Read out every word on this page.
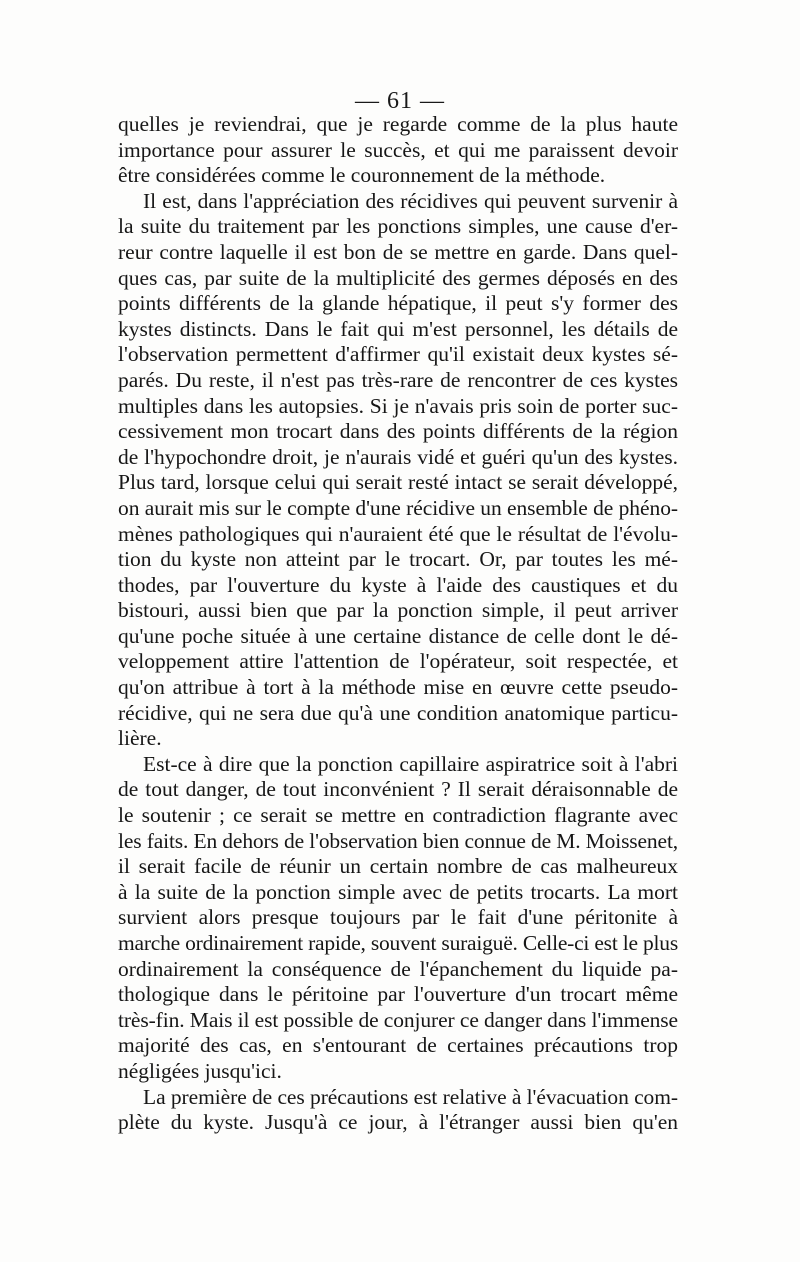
— 61 —
quelles je reviendrai, que je regarde comme de la plus haute
importance pour assurer le succès, et qui me paraissent devoir
être considérées comme le couronnement de la méthode.
Il est, dans l'appréciation des récidives qui peuvent survenir à
la suite du traitement par les ponctions simples, une cause d'er-
reur contre laquelle il est bon de se mettre en garde. Dans quel-
ques cas, par suite de la multiplicité des germes déposés en des
points différents de la glande hépatique, il peut s'y former des
kystes distincts. Dans le fait qui m'est personnel, les détails de
l'observation permettent d'affirmer qu'il existait deux kystes sé-
parés. Du reste, il n'est pas très-rare de rencontrer de ces kystes
multiples dans les autopsies. Si je n'avais pris soin de porter suc-
cessivement mon trocart dans des points différents de la région
de l'hypochondre droit, je n'aurais vidé et guéri qu'un des kystes.
Plus tard, lorsque celui qui serait resté intact se serait développé,
on aurait mis sur le compte d'une récidive un ensemble de phéno-
mènes pathologiques qui n'auraient été que le résultat de l'évolu-
tion du kyste non atteint par le trocart. Or, par toutes les mé-
thodes, par l'ouverture du kyste à l'aide des caustiques et du
bistouri, aussi bien que par la ponction simple, il peut arriver
qu'une poche située à une certaine distance de celle dont le dé-
veloppement attire l'attention de l'opérateur, soit respectée, et
qu'on attribue à tort à la méthode mise en œuvre cette pseudo-
récidive, qui ne sera due qu'à une condition anatomique particu-
lière.
Est-ce à dire que la ponction capillaire aspiratrice soit à l'abri
de tout danger, de tout inconvénient ? Il serait déraisonnable de
le soutenir ; ce serait se mettre en contradiction flagrante avec
les faits. En dehors de l'observation bien connue de M. Moissenet,
il serait facile de réunir un certain nombre de cas malheureux
à la suite de la ponction simple avec de petits trocarts. La mort
survient alors presque toujours par le fait d'une péritonite à
marche ordinairement rapide, souvent suraiguë. Celle-ci est le plus
ordinairement la conséquence de l'épanchement du liquide pa-
thologique dans le péritoine par l'ouverture d'un trocart même
très-fin. Mais il est possible de conjurer ce danger dans l'immense
majorité des cas, en s'entourant de certaines précautions trop
négligées jusqu'ici.
La première de ces précautions est relative à l'évacuation com-
plète du kyste. Jusqu'à ce jour, à l'étranger aussi bien qu'en
